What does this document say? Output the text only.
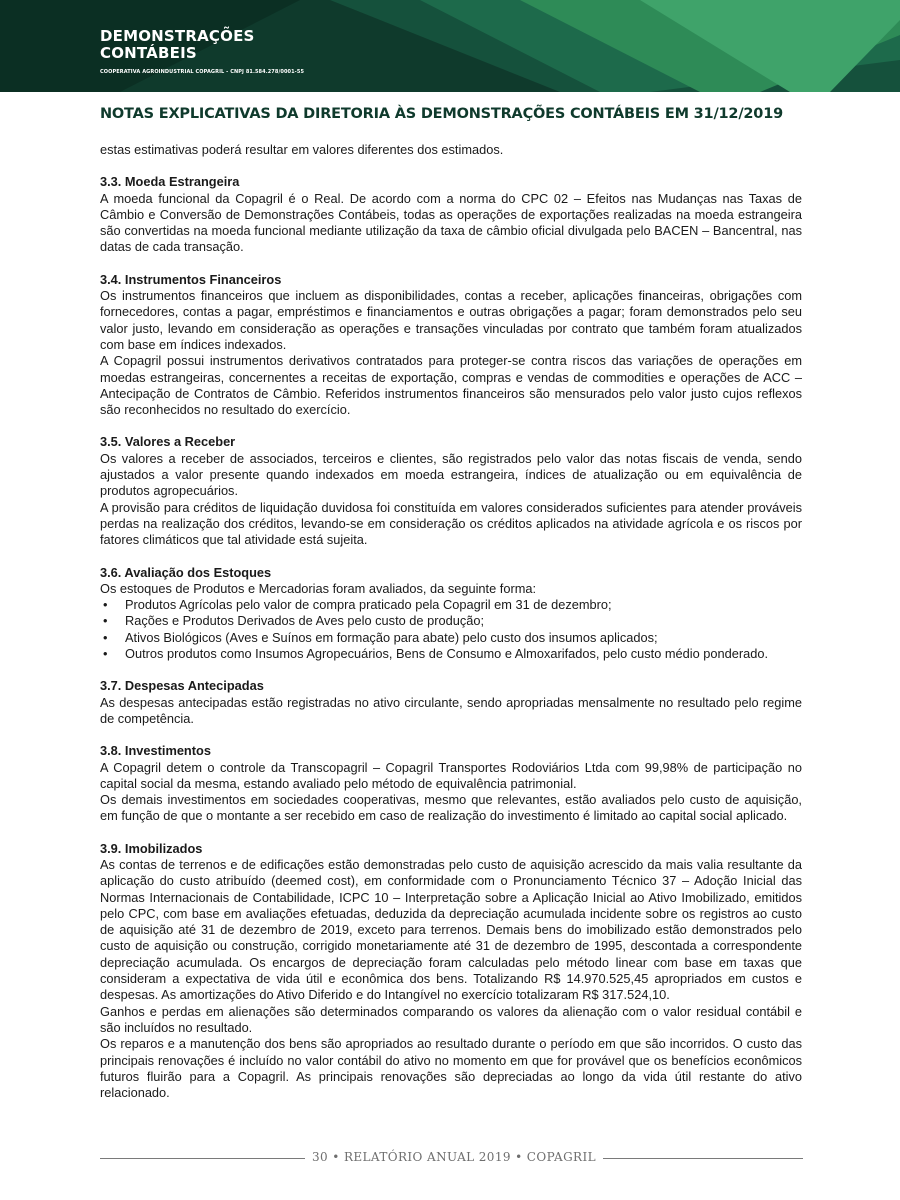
DEMONSTRAÇÕES
CONTÁBEIS
COOPERATIVA AGROINDUSTRIAL COPAGRIL - CNPJ 81.584.278/0001-55
NOTAS EXPLICATIVAS DA DIRETORIA ÀS DEMONSTRAÇÕES CONTÁBEIS EM 31/12/2019

estas estimativas poderá resultar em valores diferentes dos estimados.

3.3. Moeda Estrangeira

A moeda funcional da Copagril é o Real. De acordo com a norma do CPC 02 – Efeitos nas Mudanças nas Taxas de Câmbio e Conversão de Demonstrações Contábeis, todas as operações de exportações realizadas na moeda estrangeira são convertidas na moeda funcional mediante utilização da taxa de câmbio oficial divulgada pelo BACEN – Bancentral, nas datas de cada transação.

3.4. Instrumentos Financeiros

Os instrumentos financeiros que incluem as disponibilidades, contas a receber, aplicações financeiras, obrigações com fornecedores, contas a pagar, empréstimos e financiamentos e outras obrigações a pagar; foram demonstrados pelo seu valor justo, levando em consideração as operações e transações vinculadas por contrato que também foram atualizados com base em índices indexados.

A Copagril possui instrumentos derivativos contratados para proteger-se contra riscos das variações de operações em moedas estrangeiras, concernentes a receitas de exportação, compras e vendas de commodities e operações de ACC – Antecipação de Contratos de Câmbio. Referidos instrumentos financeiros são mensurados pelo valor justo cujos reflexos são reconhecidos no resultado do exercício.

3.5. Valores a Receber

Os valores a receber de associados, terceiros e clientes, são registrados pelo valor das notas fiscais de venda, sendo ajustados a valor presente quando indexados em moeda estrangeira, índices de atualização ou em equivalência de produtos agropecuários.

A provisão para créditos de liquidação duvidosa foi constituída em valores considerados suficientes para atender prováveis perdas na realização dos créditos, levando-se em consideração os créditos aplicados na atividade agrícola e os riscos por fatores climáticos que tal atividade está sujeita.

3.6. Avaliação dos Estoques

Os estoques de Produtos e Mercadorias foram avaliados, da seguinte forma:

• Produtos Agrícolas pelo valor de compra praticado pela Copagril em 31 de dezembro;
• Rações e Produtos Derivados de Aves pelo custo de produção;
• Ativos Biológicos (Aves e Suínos em formação para abate) pelo custo dos insumos aplicados;
• Outros produtos como Insumos Agropecuários, Bens de Consumo e Almoxarifados, pelo custo médio ponderado.
3.7. Despesas Antecipadas

As despesas antecipadas estão registradas no ativo circulante, sendo apropriadas mensalmente no resultado pelo regime de competência.

3.8. Investimentos

A Copagril detem o controle da Transcopagril – Copagril Transportes Rodoviários Ltda com 99,98% de participação no capital social da mesma, estando avaliado pelo método de equivalência patrimonial.

Os demais investimentos em sociedades cooperativas, mesmo que relevantes, estão avaliados pelo custo de aquisição, em função de que o montante a ser recebido em caso de realização do investimento é limitado ao capital social aplicado.

3.9. Imobilizados

As contas de terrenos e de edificações estão demonstradas pelo custo de aquisição acrescido da mais valia resultante da aplicação do custo atribuído (deemed cost), em conformidade com o Pronunciamento Técnico 37 – Adoção Inicial das Normas Internacionais de Contabilidade, ICPC 10 – Interpretação sobre a Aplicação Inicial ao Ativo Imobilizado, emitidos pelo CPC, com base em avaliações efetuadas, deduzida da depreciação acumulada incidente sobre os registros ao custo de aquisição até 31 de dezembro de 2019, exceto para terrenos. Demais bens do imobilizado estão demonstrados pelo custo de aquisição ou construção, corrigido monetariamente até 31 de dezembro de 1995, descontada a correspondente depreciação acumulada. Os encargos de depreciação foram calculadas pelo método linear com base em taxas que consideram a expectativa de vida útil e econômica dos bens. Totalizando R$ 14.970.525,45 apropriados em custos e despesas. As amortizações do Ativo Diferido e do Intangível no exercício totalizaram R$ 317.524,10.

Ganhos e perdas em alienações são determinados comparando os valores da alienação com o valor residual contábil e são incluídos no resultado.

Os reparos e a manutenção dos bens são apropriados ao resultado durante o período em que são incorridos. O custo das principais renovações é incluído no valor contábil do ativo no momento em que for provável que os benefícios econômicos futuros fluirão para a Copagril. As principais renovações são depreciadas ao longo da vida útil restante do ativo relacionado.

30 • RELATÓRIO ANUAL 2019 • COPAGRIL
